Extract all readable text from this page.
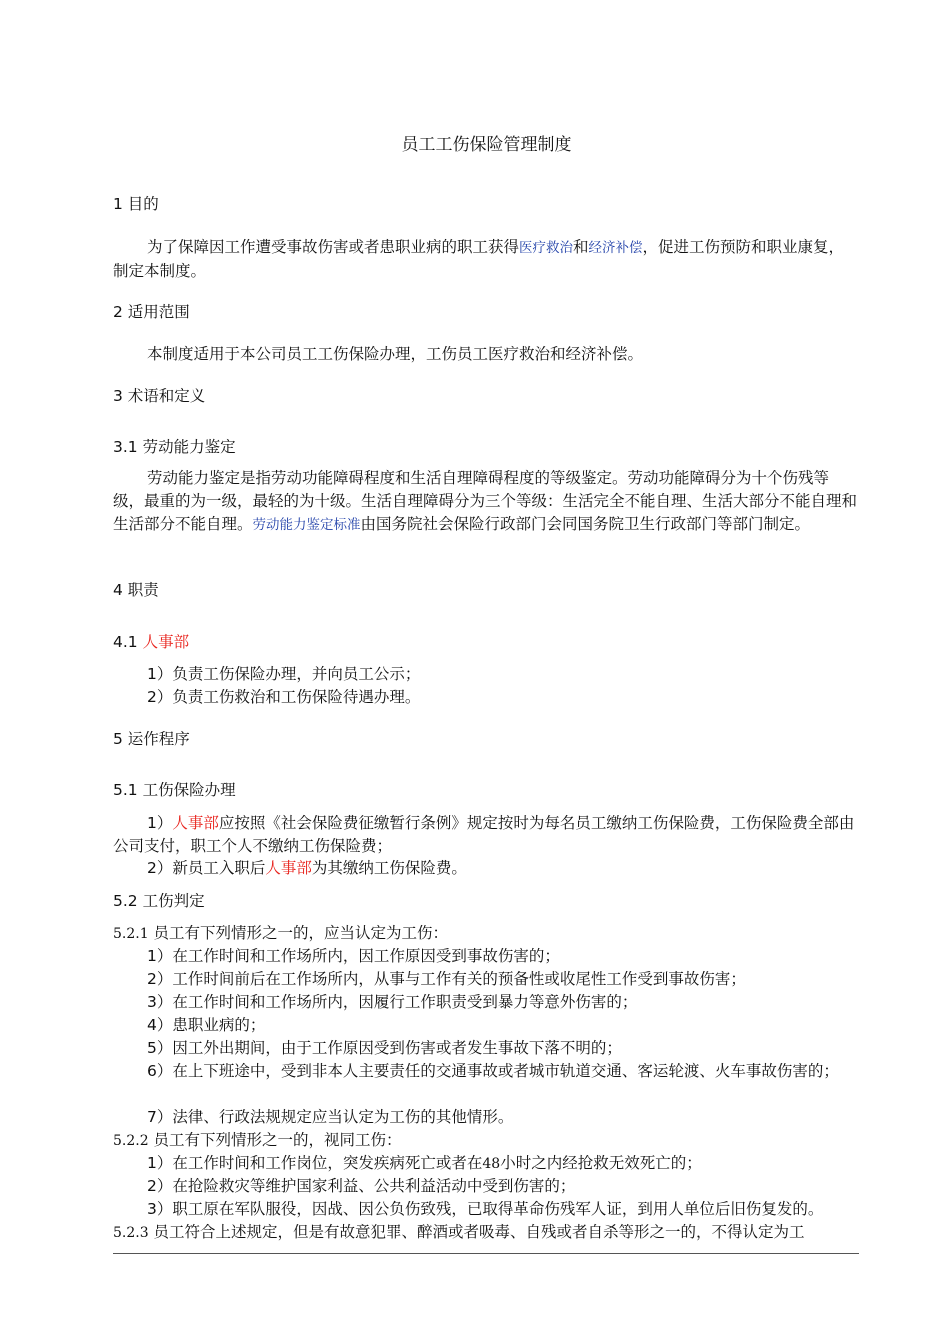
员工工伤保险管理制度
1 目的
为了保障因工作遭受事故伤害或者患职业病的职工获得医疗救治和经济补偿，促进工伤预防和职业康复，制定本制度。
2 适用范围
本制度适用于本公司员工工伤保险办理，工伤员工医疗救治和经济补偿。
3 术语和定义
3.1 劳动能力鉴定
劳动能力鉴定是指劳动功能障碍程度和生活自理障碍程度的等级鉴定。劳动功能障碍分为十个伤残等级，最重的为一级，最轻的为十级。生活自理障碍分为三个等级：生活完全不能自理、生活大部分不能自理和生活部分不能自理。劳动能力鉴定标准由国务院社会保险行政部门会同国务院卫生行政部门等部门制定。
4 职责
4.1 人事部
1）负责工伤保险办理，并向员工公示；
2）负责工伤救治和工伤保险待遇办理。
5 运作程序
5.1 工伤保险办理
1）人事部应按照《社会保险费征缴暂行条例》规定按时为每名员工缴纳工伤保险费，工伤保险费全部由公司支付，职工个人不缴纳工伤保险费；
2）新员工入职后人事部为其缴纳工伤保险费。
5.2 工伤判定
5.2.1 员工有下列情形之一的，应当认定为工伤：
1）在工作时间和工作场所内，因工作原因受到事故伤害的；
2）工作时间前后在工作场所内，从事与工作有关的预备性或收尾性工作受到事故伤害；
3）在工作时间和工作场所内，因履行工作职责受到暴力等意外伤害的；
4）患职业病的；
5）因工外出期间，由于工作原因受到伤害或者发生事故下落不明的；
6）在上下班途中，受到非本人主要责任的交通事故或者城市轨道交通、客运轮渡、火车事故伤害的；
7）法律、行政法规规定应当认定为工伤的其他情形。
5.2.2 员工有下列情形之一的，视同工伤：
1）在工作时间和工作岗位，突发疾病死亡或者在48小时之内经抢救无效死亡的；
2）在抢险救灾等维护国家利益、公共利益活动中受到伤害的；
3）职工原在军队服役，因战、因公负伤致残，已取得革命伤残军人证，到用人单位后旧伤复发的。
5.2.3 员工符合上述规定，但是有故意犯罪、醉酒或者吸毒、自残或者自杀等形之一的，不得认定为工
